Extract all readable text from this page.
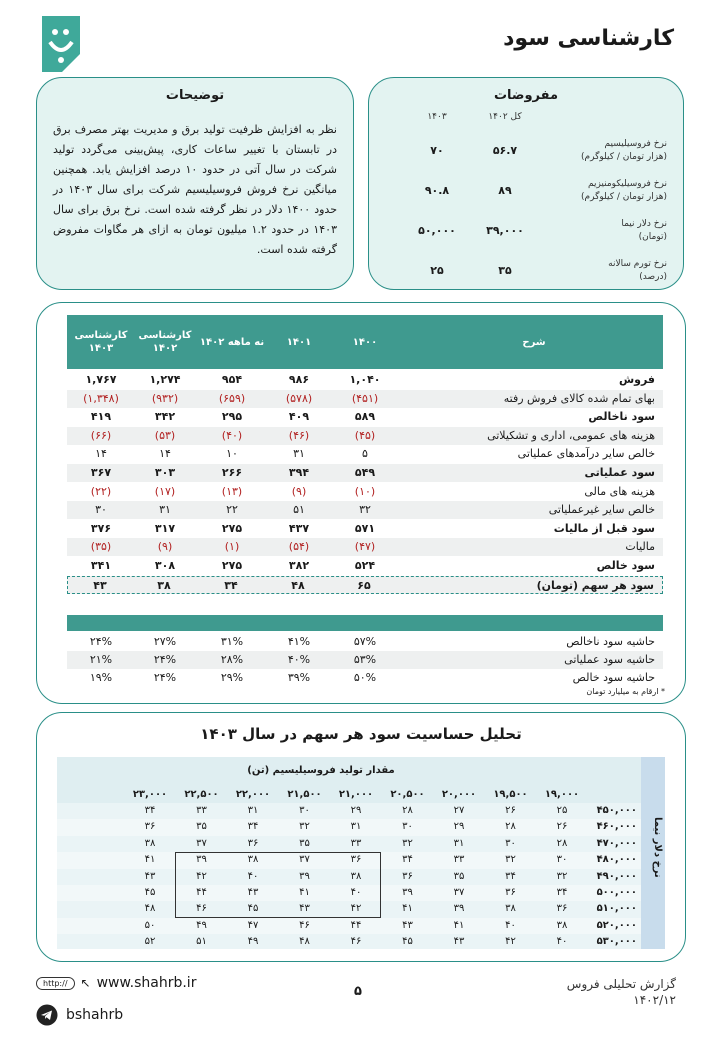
کارشناسی سود
توضیحات
نظر به افزایش ظرفیت تولید برق و مدیریت بهتر مصرف برق در تابستان با تغییر ساعات کاری، پیش‌بینی می‌گردد تولید شرکت در سال آتی در حدود ۱۰ درصد افزایش یابد. همچنین میانگین نرخ فروش فروسیلیسیم شرکت برای سال ۱۴۰۳ در حدود ۱۴۰۰ دلار در نظر گرفته شده است. نرخ برق برای سال ۱۴۰۳ در حدود ۱.۲ میلیون تومان به ازای هر مگاوات مفروض گرفته شده است.
مفروضات
کل ۱۴۰۲
۱۴۰۳
نرخ فروسیلیسیم
(هزار تومان / کیلوگرم)
۵۶.۷
۷۰
نرخ فروسیلیکومنیزیم
(هزار تومان / کیلوگرم)
۸۹
۹۰.۸
نرخ دلار نیما
(تومان)
۳۹,۰۰۰
۵۰,۰۰۰
نرخ تورم سالانه
(درصد)
۳۵
۲۵
شرح
۱۴۰۰
۱۴۰۱
نه ماهه ۱۴۰۲
کارشناسی ۱۴۰۲
کارشناسی ۱۴۰۳
فروش
۱,۰۴۰
۹۸۶
۹۵۴
۱,۲۷۴
۱,۷۶۷
بهای تمام شده کالای فروش رفته
(۴۵۱)
(۵۷۸)
(۶۵۹)
(۹۳۲)
(۱,۳۴۸)
سود ناخالص
۵۸۹
۴۰۹
۲۹۵
۳۴۲
۴۱۹
هزینه های عمومی، اداری و تشکیلاتی
(۴۵)
(۴۶)
(۴۰)
(۵۳)
(۶۶)
خالص سایر درآمدهای عملیاتی
۵
۳۱
۱۰
۱۴
۱۴
سود عملیاتی
۵۴۹
۳۹۴
۲۶۶
۳۰۳
۳۶۷
هزینه های مالی
(۱۰)
(۹)
(۱۳)
(۱۷)
(۲۲)
خالص سایر غیرعملیاتی
۳۲
۵۱
۲۲
۳۱
۳۰
سود قبل از مالیات
۵۷۱
۴۳۷
۲۷۵
۳۱۷
۳۷۶
مالیات
(۴۷)
(۵۴)
(۱)
(۹)
(۳۵)
سود خالص
۵۲۴
۳۸۲
۲۷۵
۳۰۸
۳۴۱
سود هر سهم (تومان)
۶۵
۴۸
۳۴
۳۸
۴۳
حاشیه سود ناخالص
۵۷%
۴۱%
۳۱%
۲۷%
۲۴%
حاشیه سود عملیاتی
۵۳%
۴۰%
۲۸%
۲۴%
۲۱%
حاشیه سود خالص
۵۰%
۳۹%
۲۹%
۲۴%
۱۹%
* ارقام به میلیارد تومان
تحلیل حساسیت سود هر سهم در سال ۱۴۰۳
نرخ دلار نیما
مقدار تولید فروسیلیسیم (تن)
۱۹,۰۰۰
۱۹,۵۰۰
۲۰,۰۰۰
۲۰,۵۰۰
۲۱,۰۰۰
۲۱,۵۰۰
۲۲,۰۰۰
۲۲,۵۰۰
۲۳,۰۰۰
۴۵۰,۰۰۰
۲۵
۲۶
۲۷
۲۸
۲۹
۳۰
۳۱
۳۳
۳۴
۴۶۰,۰۰۰
۲۶
۲۸
۲۹
۳۰
۳۱
۳۲
۳۴
۳۵
۳۶
۴۷۰,۰۰۰
۲۸
۳۰
۳۱
۳۲
۳۳
۳۵
۳۶
۳۷
۳۸
۴۸۰,۰۰۰
۳۰
۳۲
۳۳
۳۴
۳۶
۳۷
۳۸
۳۹
۴۱
۴۹۰,۰۰۰
۳۲
۳۴
۳۵
۳۶
۳۸
۳۹
۴۰
۴۲
۴۳
۵۰۰,۰۰۰
۳۴
۳۶
۳۷
۳۹
۴۰
۴۱
۴۳
۴۴
۴۵
۵۱۰,۰۰۰
۳۶
۳۸
۳۹
۴۱
۴۲
۴۳
۴۵
۴۶
۴۸
۵۲۰,۰۰۰
۳۸
۴۰
۴۱
۴۳
۴۴
۴۶
۴۷
۴۹
۵۰
۵۳۰,۰۰۰
۴۰
۴۲
۴۳
۴۵
۴۶
۴۸
۴۹
۵۱
۵۲
گزارش تحلیلی فروس
۱۴۰۲/۱۲
۵
http://	↖ www.shahrb.ir
bshahrb
